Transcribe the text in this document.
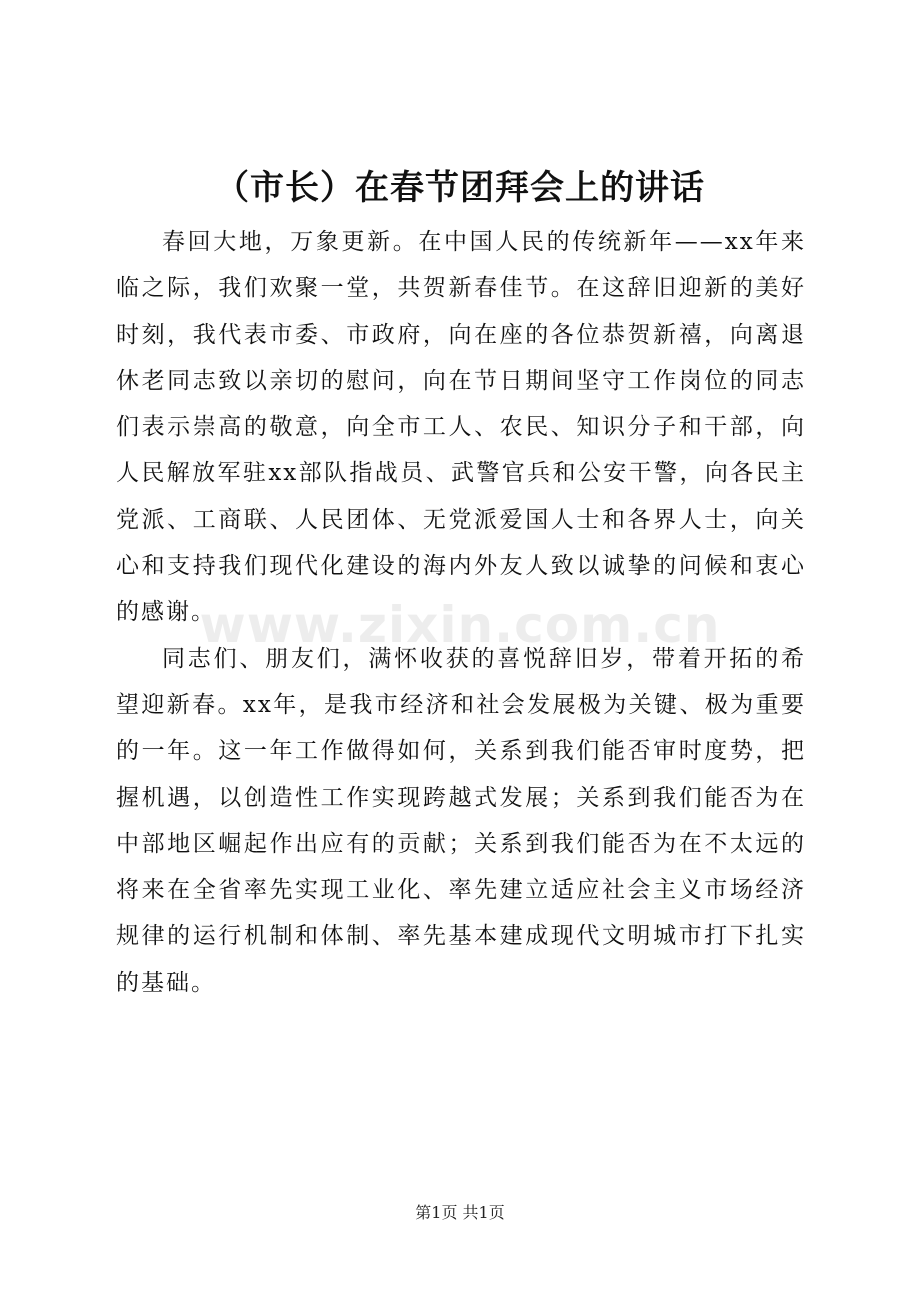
（市长）在春节团拜会上的讲话

春回大地，万象更新。在中国人民的传统新年——xx年来临之际，我们欢聚一堂，共贺新春佳节。在这辞旧迎新的美好时刻，我代表市委、市政府，向在座的各位恭贺新禧，向离退休老同志致以亲切的慰问，向在节日期间坚守工作岗位的同志们表示崇高的敬意，向全市工人、农民、知识分子和干部，向人民解放军驻xx部队指战员、武警官兵和公安干警，向各民主党派、工商联、人民团体、无党派爱国人士和各界人士，向关心和支持我们现代化建设的海内外友人致以诚挚的问候和衷心的感谢。

同志们、朋友们，满怀收获的喜悦辞旧岁，带着开拓的希望迎新春。xx年，是我市经济和社会发展极为关键、极为重要的一年。这一年工作做得如何，关系到我们能否审时度势，把握机遇，以创造性工作实现跨越式发展；关系到我们能否为在中部地区崛起作出应有的贡献；关系到我们能否为在不太远的将来在全省率先实现工业化、率先建立适应社会主义市场经济规律的运行机制和体制、率先基本建成现代文明城市打下扎实的基础。

www.zixin.com.cn
第1页 共1页
